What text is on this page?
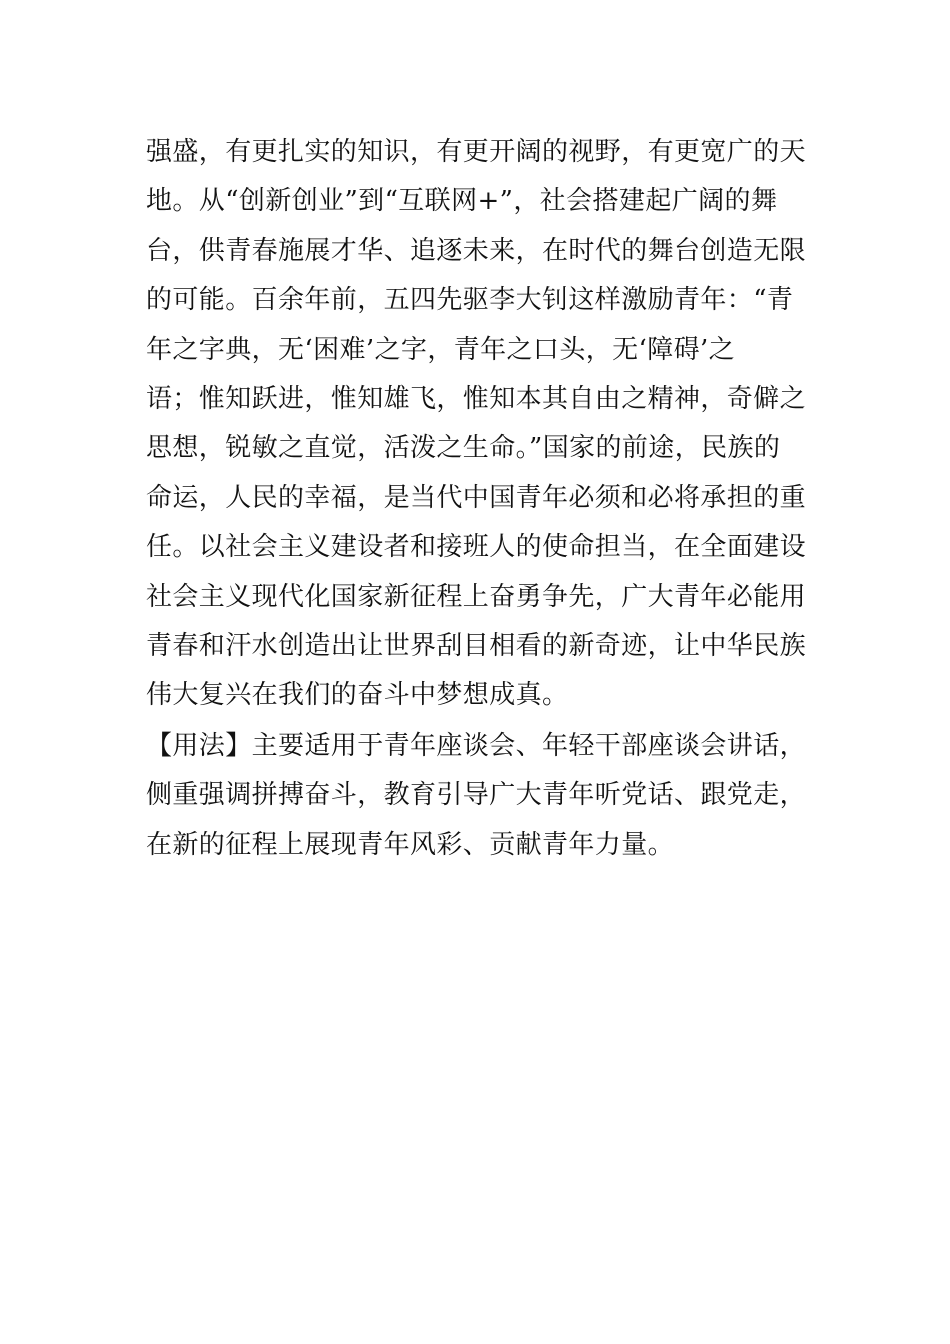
强盛，有更扎实的知识，有更开阔的视野，有更宽广的天
地。从“创新创业”到“互联网+”，社会搭建起广阔的舞
台，供青春施展才华、追逐未来，在时代的舞台创造无限
的可能。百余年前，五四先驱李大钊这样激励青年：“青
年之字典，无‘困难’之字，青年之口头，无‘障碍’之
语；惟知跃进，惟知雄飞，惟知本其自由之精神，奇僻之
思想，锐敏之直觉，活泼之生命。”国家的前途，民族的
命运，人民的幸福，是当代中国青年必须和必将承担的重
任。以社会主义建设者和接班人的使命担当，在全面建设
社会主义现代化国家新征程上奋勇争先，广大青年必能用
青春和汗水创造出让世界刮目相看的新奇迹，让中华民族
伟大复兴在我们的奋斗中梦想成真。
【用法】主要适用于青年座谈会、年轻干部座谈会讲话，
侧重强调拼搏奋斗，教育引导广大青年听党话、跟党走，
在新的征程上展现青年风彩、贡献青年力量。
